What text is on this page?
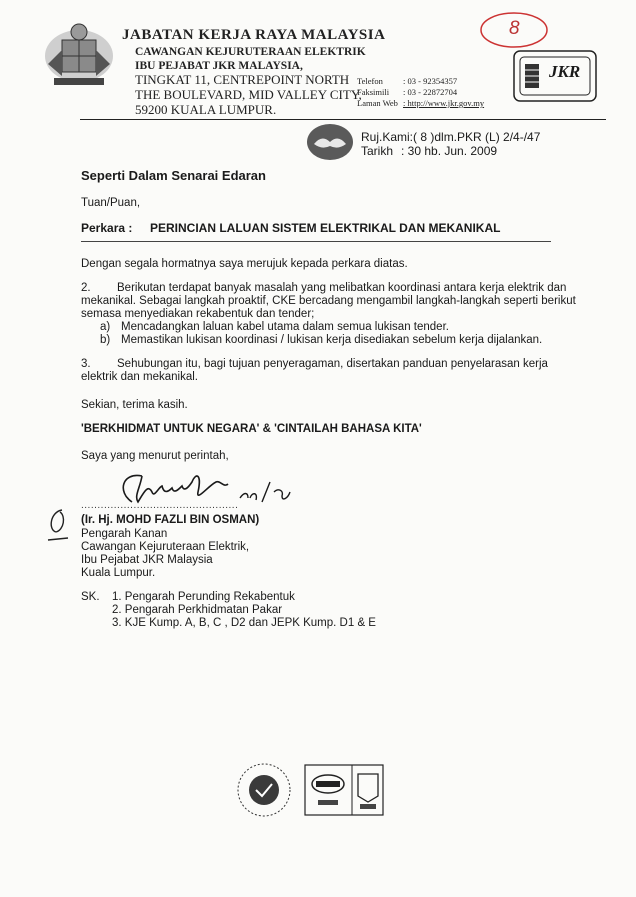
JABATAN KERJA RAYA MALAYSIA
CAWANGAN KEJURUTERAAN ELEKTRIK
IBU PEJABAT JKR MALAYSIA,
TINGKAT 11, CENTREPOINT NORTH
THE BOULEVARD, MID VALLEY CITY,
59200 KUALA LUMPUR.
Telefon	: 03 - 92354357
Faksimili	: 03 - 22872704
Laman Web : http://www.jkr.gov.my
JKR
8
Ruj.Kami:( 8 )dlm.PKR (L) 2/4-/47
Tarikh : 30 hb. Jun. 2009
Seperti Dalam Senarai Edaran
Tuan/Puan,
Perkara : PERINCIAN LALUAN SISTEM ELEKTRIKAL DAN MEKANIKAL
Dengan segala hormatnya saya merujuk kepada perkara diatas.
2. Berikutan terdapat banyak masalah yang melibatkan koordinasi antara kerja elektrik dan
mekanikal. Sebagai langkah proaktif, CKE bercadang mengambil langkah-langkah seperti berikut
semasa menyediakan rekabentuk dan tender;
a) Mencadangkan laluan kabel utama dalam semua lukisan tender.
b) Memastikan lukisan koordinasi / lukisan kerja disediakan sebelum kerja dijalankan.
3. Sehubungan itu, bagi tujuan penyeragaman, disertakan panduan penyelarasan kerja
elektrik dan mekanikal.
Sekian, terima kasih.
'BERKHIDMAT UNTUK NEGARA' & 'CINTAILAH BAHASA KITA'
Saya yang menurut perintah,
................................................
(Ir. Hj. MOHD FAZLI BIN OSMAN)
Pengarah Kanan
Cawangan Kejuruteraan Elektrik,
Ibu Pejabat JKR Malaysia
Kuala Lumpur.
SK. 1. Pengarah Perunding Rekabentuk
2. Pengarah Perkhidmatan Pakar
3. KJE Kump. A, B, C , D2 dan JEPK Kump. D1 & E
